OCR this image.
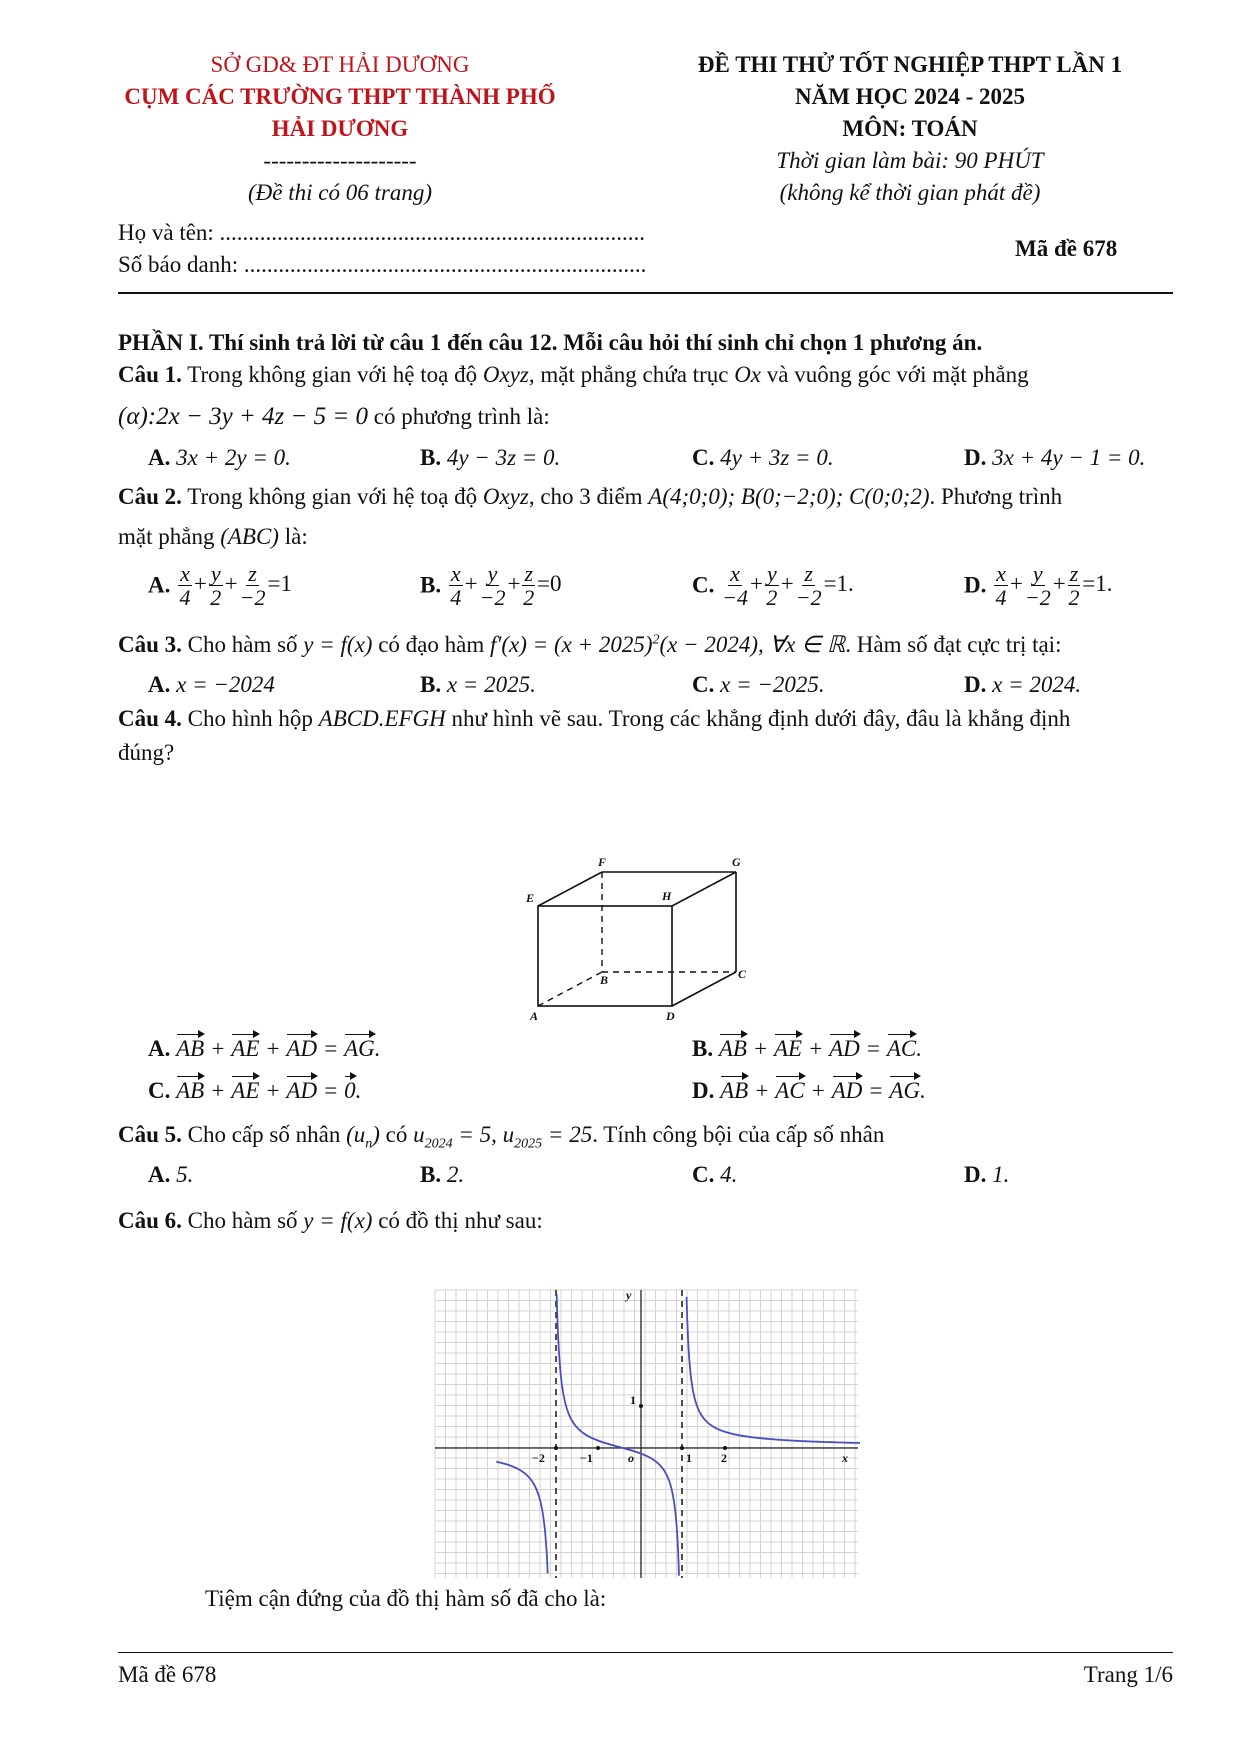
SỞ GD& ĐT HẢI DƯƠNG
CỤM CÁC TRƯỜNG THPT THÀNH PHỐ
HẢI DƯƠNG
--------------------
(Đề thi có 06 trang)
ĐỀ THI THỬ TỐT NGHIỆP THPT LẦN 1
NĂM HỌC 2024 - 2025
MÔN: TOÁN
Thời gian làm bài: 90 PHÚT
(không kể thời gian phát đề)
Họ và tên: ..........................................................................
Số báo danh: ......................................................................
Mã đề 678
PHẦN I. Thí sinh trả lời từ câu 1 đến câu 12. Mỗi câu hỏi thí sinh chỉ chọn 1 phương án.
Câu 1. Trong không gian với hệ toạ độ Oxyz, mặt phẳng chứa trục Ox và vuông góc với mặt phẳng
(α):2x − 3y + 4z − 5 = 0 có phương trình là:
A. 3x + 2y = 0.	B. 4y − 3z = 0.	C. 4y + 3z = 0.	D. 3x + 4y − 1 = 0.
Câu 2. Trong không gian với hệ toạ độ Oxyz, cho 3 điểm A(4;0;0); B(0;−2;0); C(0;0;2). Phương trình
mặt phẳng (ABC) là:
A. $\frac{x}{4} + \frac{y}{2} + \frac{z}{-2} =1$	B. $\frac{x}{4} + \frac{y}{-2} + \frac{z}{2} =0$	C. $\frac{x}{-4} + \frac{y}{2} + \frac{z}{-2} =1$.	D. $\frac{x}{4} + \frac{y}{-2} + \frac{z}{2} =1$.
Câu 3. Cho hàm số y = f(x) có đạo hàm $f'(x) = (x + 2025)^2(x - 2024)$, ∀x ∈ ℝ. Hàm số đạt cực trị tại:
A. x = −2024	B. x = 2025.	C. x = −2025.	D. x = 2024.
Câu 4. Cho hình hộp ABCD.EFGH như hình vẽ sau. Trong các khẳng định dưới đây, đâu là khẳng định
đúng?
F	G
E	H
B	C
A	D
A. AB + AE + AD = AG.	B. AB + AE + AD = AC.
C. AB + AE + AD = 0.	D. AB + AC + AD = AG.
Câu 5. Cho cấp số nhân $(u_n)$ có $u_{2024} = 5$, $u_{2025} = 25$. Tính công bội của cấp số nhân
A. 5.	B. 2.	C. 4.	D. 1.
Câu 6. Cho hàm số y = f(x) có đồ thị như sau:
y
x
o
1
−2	−1	1 2
Tiệm cận đứng của đồ thị hàm số đã cho là:
Mã đề 678	Trang 1/6
